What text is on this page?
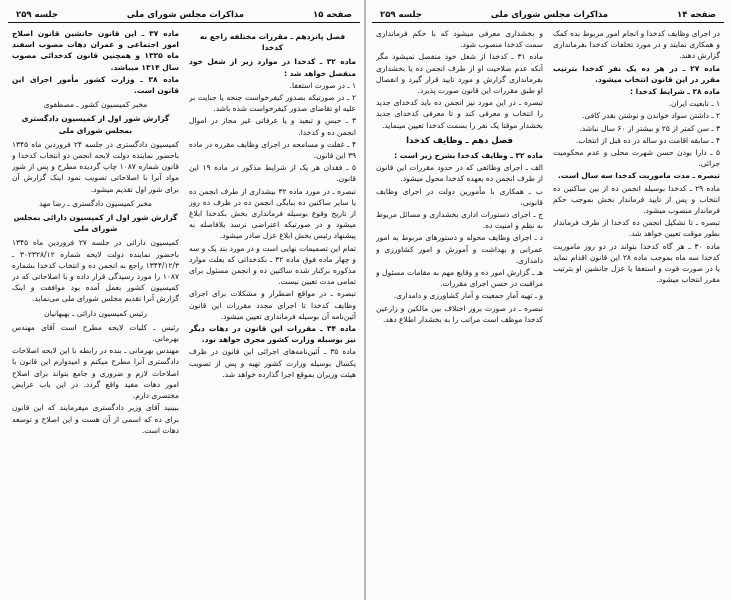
صفحه ۱۵
مذاکرات مجلس شورای ملی
جلسه ۲۵۹

فصل پانزدهم ـ مقررات مختلفه راجع به کدخدا

ماده ۳۲ ـ کدخدا در موارد زیر از شغل خود منفصل خواهد شد :

۱ ـ در صورت استعفا.

۲ ـ در صورتیکه بصدور کیفرخواست جنحه یا جنایت بر علیه او تقاضای صدور کیفرخواست شده باشد.

۳ ـ حبس و تبعید و یا عرفاتی غیر مجاز در اموال انجمن ده و کدخدا.

۴ ـ غفلت و مسامحه در اجرای وظایف مقرره در ماده ۳۹ این قانون.

۵ ـ فقدان هر یک از شرایط مذکور در ماده ۱۹ این قانون.

تبصره ـ در مورد ماده ۳۲ بیشداری از طرف انجمن ده یا سایر ساکنین ده ببایگی انجمن ده در ظرف ده روز از تاریخ وقوع بوسیله فرمانداری بخش بکدخدا ابلاغ میشود و در صورتیکه اعتراضی نرسد بلافاصله به پیشنهاد رئیس بخش ابلاغ عزل صادر میشود.

تمام این تصمیمات نهایی است و در مورد بند یک و سه و چهار ماده فوق ماده ۳۲ ـ بکدخدائی که بعلت موارد مذکوره برکنار شده ساکنین ده و انجمن مسئول برای تمامی مدت تعیین نیست.

تبصره ـ در مواقع اضطرار و مشکلات برای اجرای وظایف کدخدا تا اجرای مجدد مقررات این قانون آئین‌نامه آن بوسیله فرمانداری تعیین میشود.

ماده ۳۴ ـ مقررات این قانون در دهات دیگر نیز بوسیله وزارت کشور مجری خواهد بود.

ماده ۳۵ ـ آئین‌نامه‌های اجرائی این قانون در ظرف یکسال بوسیله وزارت کشور تهیه و پس از تصویب هیئت وزیران بموقع اجرا گذارده خواهد شد.

ماده ۳۷ ـ این قانون جانشین قانون اصلاح امور اجتماعی و عمران دهات مصوب اسفند ماه ۱۳۳۵ و همچنین قانون کدخدائی مصوب سال ۱۳۱۴ میباشد.

ماده ۳۸ ـ وزارت کشور مأمور اجرای این قانون است.

مخبر کمیسیون کشور ـ مصطفوی

گزارش شور اول از کمیسیون دادگستری بمجلس شورای ملی

کمیسیون دادگستری در جلسه ۲۴ فروردین ماه ۱۳۴۵ باحضور نماینده دولت لایحه انجمن دو انتخاب کدخدا و قانون شماره ۱۰۸۷ چاپ گردیده مطرح و پس از شور مواد آنرا با اصلاحاتی تصویب نمود اینک گزارش آن برای شور اول تقدیم میشود.

مخبر کمیسیون دادگستری ـ رضا مهد

گزارش شور اول از کمیسیون دارائی بمجلس شورای ملی

کمیسیون دارائی در جلسه ۲۷ فروردین ماه ۱۳۴۵ باحضور نماینده دولت لایحه شماره ۳۰۲۳۲۸/۱۲ ـ ۱۳۴۴/۱۲/۳ راجع به انجمن ده و انتخاب کدخدا بشماره ۱۰۸۷ را مورد رسیدگی قرار داده و با اصلاحاتی که در کمیسیون کشور بعمل آمده بود موافقت و اینک گزارش آنرا تقدیم مجلس شورای ملی می‌نماید.

رئیس کمیسیون دارائی ـ بهبهانیان

رئیس ـ کلیات لایحه مطرح است آقای مهندس بهرمانی.

مهندس بهرمانی ـ بنده در رابطه با این لایحه اصلاحات دادگستری آنرا مطرح میکنم و امیدوارم این قانون با اصلاحات لازم و ضروری و جامع بتواند برای اصلاح امور دهات مفید واقع گردد. در این باب عرایض مختصری دارم.

ببینید آقای وزیر دادگستری میفرمایند که این قانون برای ده که اسمی از آن هست و این اصلاح و توسعه دهات است.

صفحه ۱۴
مذاکرات مجلس شورای ملی
جلسه ۲۵۹

در اجرای وظایف کدخدا و انجام امور مربوط بده کمک و همکاری نمایند و در مورد تخلفات کدخدا بفرمانداری گزارش دهند.

ماده ۲۷ ـ در هر ده یک نفر کدخدا بترتیب مقرر در این قانون انتخاب میشود.

ماده ۲۸ ـ شرایط کدخدا :

۱ ـ تابعیت ایران.

۲ ـ داشتن سواد خواندن و نوشتن بقدر کافی.

۳ ـ سن کمتر از ۲۵ و بیشتر از ۶۰ سال نباشد.

۴ ـ سابقه اقامت دو ساله در ده قبل از انتخاب.

۵ ـ دارا بودن حسن شهرت محلی و عدم محکومیت جزائی.

تبصره ـ مدت ماموریت کدخدا سه سال است.

ماده ۲۹ ـ کدخدا بوسیله انجمن ده از بین ساکنین ده انتخاب و پس از تایید فرماندار بخش بموجب حکم فرماندار منصوب میشود.

تبصره ـ تا تشکیل انجمن ده کدخدا از طرف فرماندار بطور موقت تعیین خواهد شد.

ماده ۳۰ ـ هر گاه کدخدا بتواند در دو روز ماموریت کدخدا سه ماه بموجب ماده ۲۸ این قانون اقدام نماید یا در صورت فوت و استعفا یا عزل جانشین او بترتیب مقرر انتخاب میشود.

و بخشداری معرفی میشود که با حکم فرمانداری سمت کدخدا منصوب شود.

ماده ۳۱ ـ کدخدا از شغل خود منفصل نمیشود مگر آنکه عدم صلاحیت او از طرف انجمن ده یا بخشداری بفرمانداری گزارش و مورد تایید قرار گیرد و انفصال او طبق مقررات این قانون صورت پذیرد.

تبصره ـ در این مورد نیز انجمن ده باید کدخدای جدید را انتخاب و معرفی کند و تا معرفی کدخدای جدید بخشدار موقتا یک نفر را بسمت کدخدا تعیین مینماید.

فصل دهم ـ وظایف کدخدا

ماده ۳۲ ـ وظایف کدخدا بشرح زیر است :

الف ـ اجرای وظائفی که در حدود مقررات این قانون از طرف انجمن ده بعهده کدخدا محول میشود.

ب ـ همکاری با مأمورین دولت در اجرای وظایف قانونی.

ج ـ اجرای دستورات اداری بخشداری و مسائل مربوط به نظم و امنیت ده.

د ـ اجرای وظایف محوله و دستورهای مربوط به امور عمرانی و بهداشت و آموزش و امور کشاورزی و دامداری.

هـ ـ گزارش امور ده و وقایع مهم به مقامات مسئول و مراقبت در حسن اجرای مقررات.

و ـ تهیه آمار جمعیت و آمار کشاورزی و دامداری.

تبصره ـ در صورت بروز اختلاف بین مالکین و زارعین کدخدا موظف است مراتب را به بخشدار اطلاع دهد.
